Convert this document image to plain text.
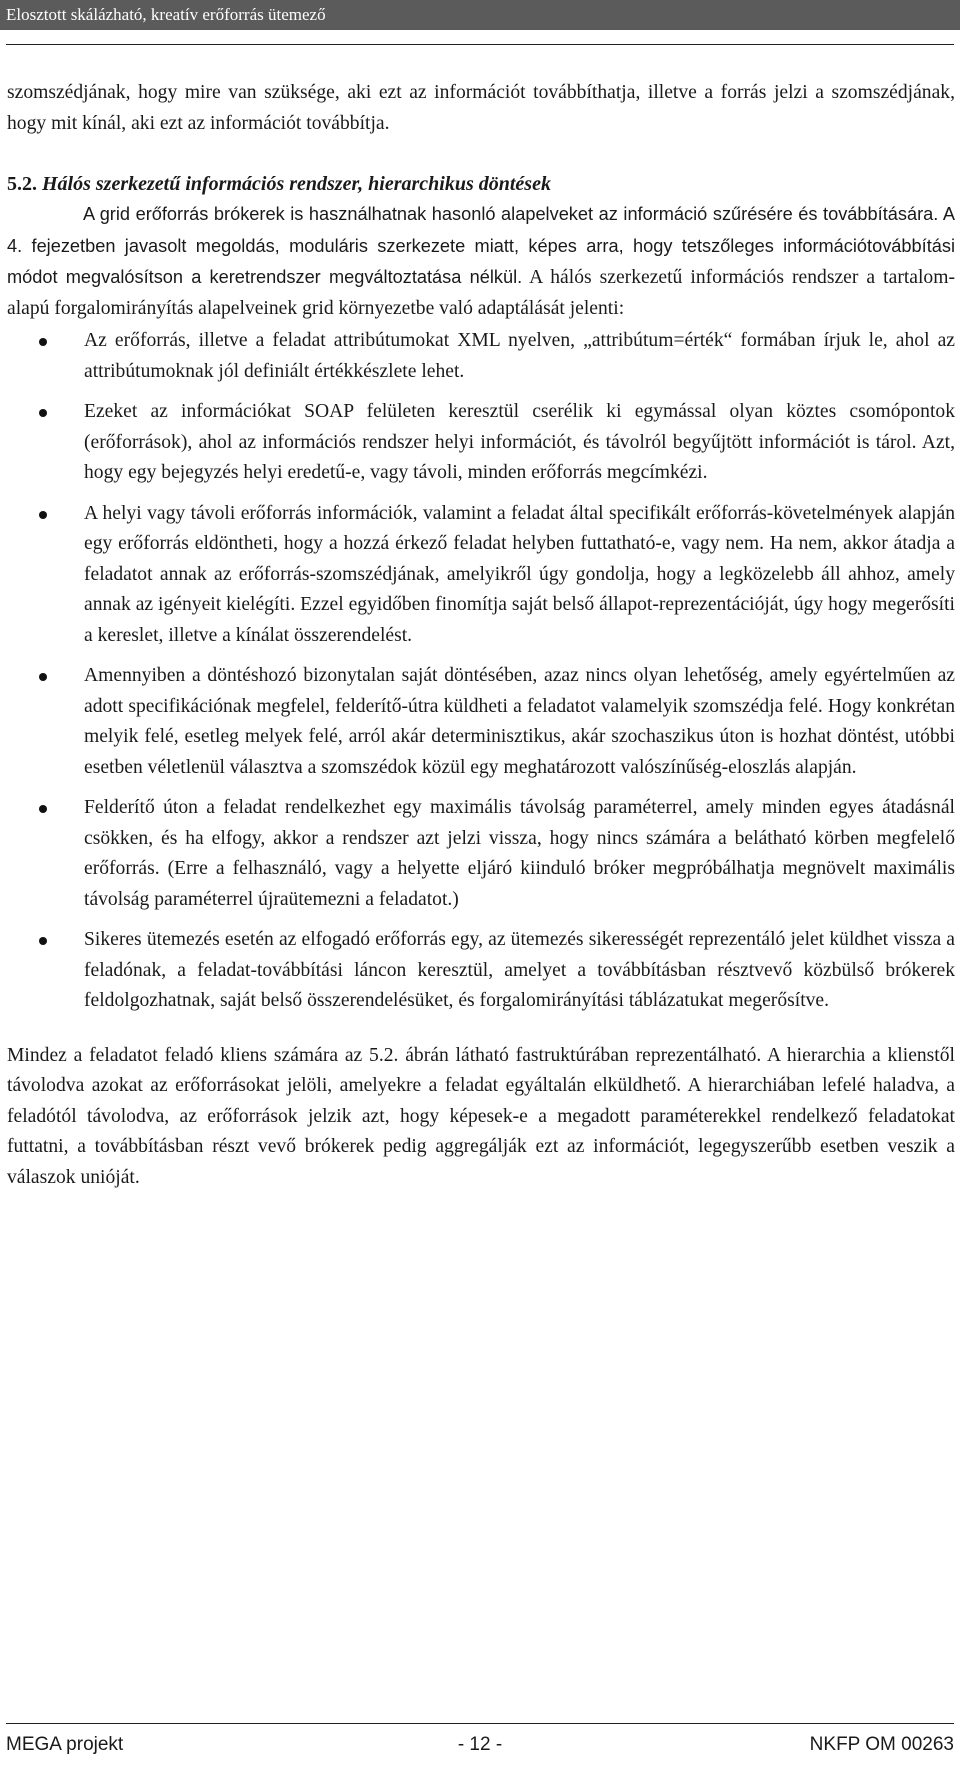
Elosztott skálázható, kreatív erőforrás ütemező

szomszédjának, hogy mire van szüksége, aki ezt az információt továbbíthatja, illetve a forrás jelzi a szomszédjának, hogy mit kínál, aki ezt az információt továbbítja.

5.2. Hálós szerkezetű információs rendszer, hierarchikus döntések

A grid erőforrás brókerek is használhatnak hasonló alapelveket az információ szűrésére és továbbítására. A 4. fejezetben javasolt megoldás, moduláris szerkezete miatt, képes arra, hogy tetszőleges információtovábbítási módot megvalósítson a keretrendszer megváltoztatása nélkül. A hálós szerkezetű információs rendszer a tartalom-alapú forgalomirányítás alapelveinek grid környezetbe való adaptálását jelenti:

Az erőforrás, illetve a feladat attribútumokat XML nyelven, „attribútum=érték“ formában írjuk le, ahol az attribútumoknak jól definiált értékkészlete lehet.
Ezeket az információkat SOAP felületen keresztül cserélik ki egymással olyan köztes csomópontok (erőforrások), ahol az információs rendszer helyi információt, és távolról begyűjtött információt is tárol. Azt, hogy egy bejegyzés helyi eredetű-e, vagy távoli, minden erőforrás megcímkézi.
A helyi vagy távoli erőforrás információk, valamint a feladat által specifikált erőforrás-követelmények alapján egy erőforrás eldöntheti, hogy a hozzá érkező feladat helyben futtatható-e, vagy nem. Ha nem, akkor átadja a feladatot annak az erőforrás-szomszédjának, amelyikről úgy gondolja, hogy a legközelebb áll ahhoz, amely annak az igényeit kielégíti. Ezzel egyidőben finomítja saját belső állapot-reprezentációját, úgy hogy megerősíti a kereslet, illetve a kínálat összerendelést.
Amennyiben a döntéshozó bizonytalan saját döntésében, azaz nincs olyan lehetőség, amely egyértelműen az adott specifikációnak megfelel, felderítő-útra küldheti a feladatot valamelyik szomszédja felé. Hogy konkrétan melyik felé, esetleg melyek felé, arról akár determinisztikus, akár szochaszikus úton is hozhat döntést, utóbbi esetben véletlenül választva a szomszédok közül egy meghatározott valószínűség-eloszlás alapján.
Felderítő úton a feladat rendelkezhet egy maximális távolság paraméterrel, amely minden egyes átadásnál csökken, és ha elfogy, akkor a rendszer azt jelzi vissza, hogy nincs számára a belátható körben megfelelő erőforrás. (Erre a felhasználó, vagy a helyette eljáró kiinduló bróker megpróbálhatja megnövelt maximális távolság paraméterrel újraütemezni a feladatot.)
Sikeres ütemezés esetén az elfogadó erőforrás egy, az ütemezés sikerességét reprezentáló jelet küldhet vissza a feladónak, a feladat-továbbítási láncon keresztül, amelyet a továbbításban résztvevő közbülső brókerek feldolgozhatnak, saját belső összerendelésüket, és forgalomirányítási táblázatukat megerősítve.

Mindez a feladatot feladó kliens számára az 5.2. ábrán látható fastruktúrában reprezentálható. A hierarchia a klienstől távolodva azokat az erőforrásokat jelöli, amelyekre a feladat egyáltalán elküldhető. A hierarchiában lefelé haladva, a feladótól távolodva, az erőforrások jelzik azt, hogy képesek-e a megadott paraméterekkel rendelkező feladatokat futtatni, a továbbításban részt vevő brókerek pedig aggregálják ezt az információt, legegyszerűbb esetben veszik a válaszok unióját.

MEGA projekt	- 12 -	NKFP OM 00263
